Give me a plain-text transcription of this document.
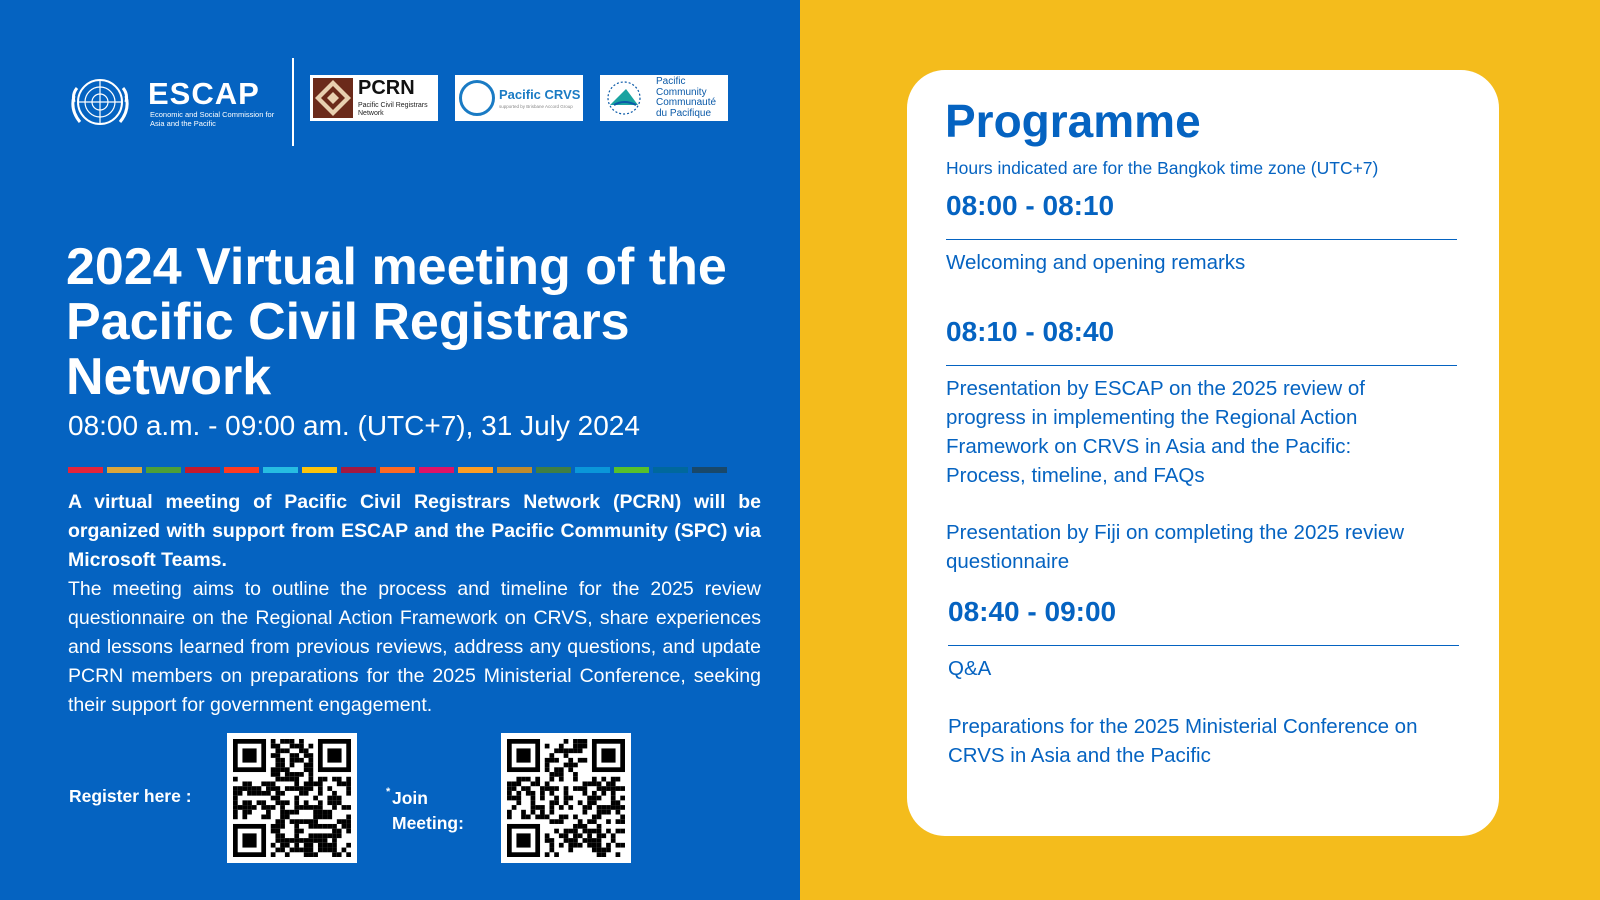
ESCAP
Economic and Social Commission for Asia and the Pacific
PCRN
Pacific Civil Registrars Network
Pacific CRVS
supported by Brisbane Accord Group
Pacific Community Communauté du Pacifique
2024 Virtual meeting of the Pacific Civil Registrars Network
08:00 a.m. - 09:00 am. (UTC+7), 31 July 2024

A virtual meeting of Pacific Civil Registrars Network (PCRN) will be organized with support from ESCAP and the Pacific Community (SPC) via Microsoft Teams.
The meeting aims to outline the process and timeline for the 2025 review questionnaire on the Regional Action Framework on CRVS, share experiences and lessons learned from previous reviews, address any questions, and update PCRN members on preparations for the 2025 Ministerial Conference, seeking their support for government engagement.

Register here :	* Join Meeting:
Programme
Hours indicated are for the Bangkok time zone (UTC+7)
08:00 - 08:10

Welcoming and opening remarks

08:10 - 08:40

Presentation by ESCAP on the 2025 review of progress in implementing the Regional Action Framework on CRVS in Asia and the Pacific: Process, timeline, and FAQs

Presentation by Fiji on completing the 2025 review questionnaire

08:40 - 09:00

Q&A

Preparations for the 2025 Ministerial Conference on CRVS in Asia and the Pacific
